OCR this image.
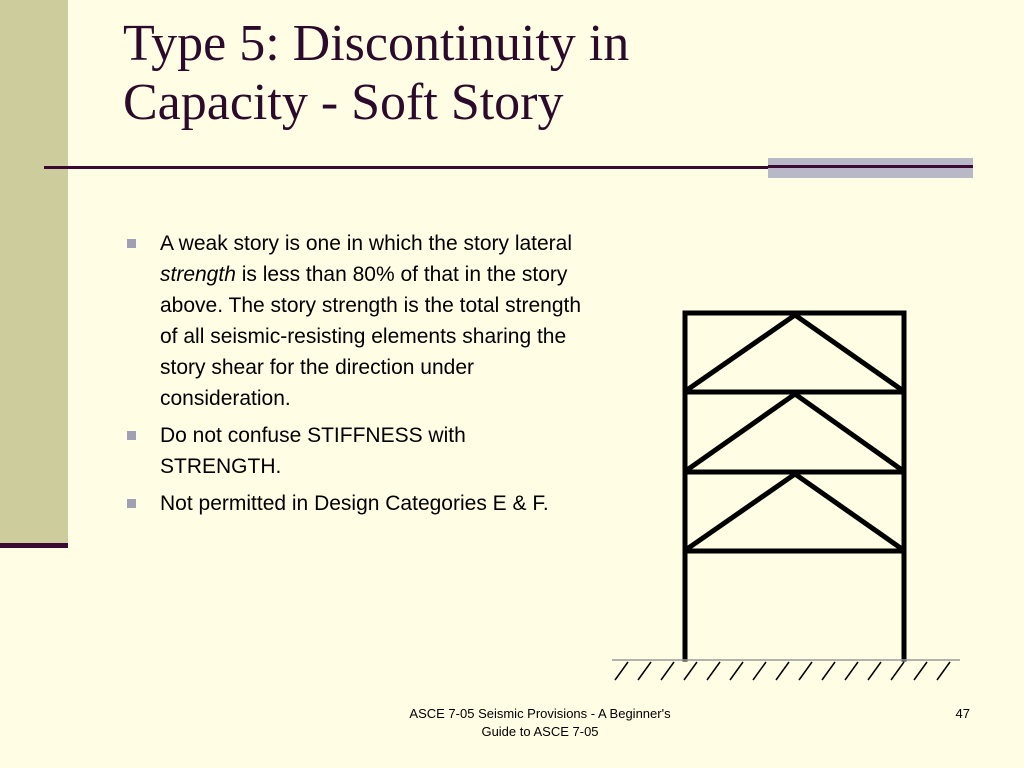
Type 5: Discontinuity in
Capacity - Soft Story
A weak story is one in which the story lateral strength is less than 80% of that in the story above. The story strength is the total strength of all seismic-resisting elements sharing the story shear for the direction under consideration.
Do not confuse STIFFNESS with STRENGTH.
Not permitted in Design Categories E & F.
ASCE 7-05 Seismic Provisions - A Beginner's
Guide to ASCE 7-05
47
